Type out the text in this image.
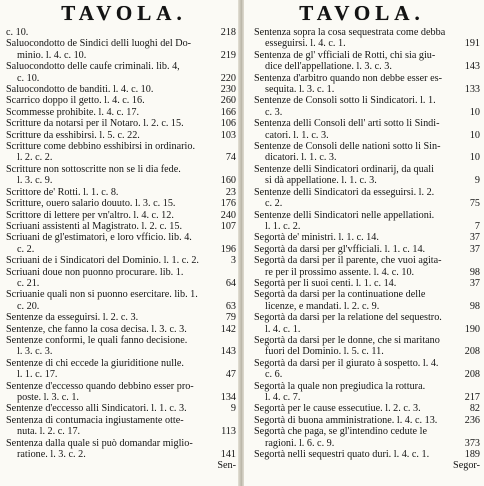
TAVOLA.
c. 10.	218
Saluocondotto de Sindici delli luoghi del Do-
minio. l. 4. c. 10.	219
Saluocondotto delle caufe criminali. lib. 4,
c. 10.	220
Saluocondotto de banditi. l. 4. c. 10.	230
Scarrico doppo il getto. l. 4. c. 16.	260
Scommesse prohibite. l. 4. c. 17.	166
Scritture da notarsi per il Notaro. l. 2. c. 15.	106
Scritture da esshibirsi. l. 5. c. 22.	103
Scritture come debbino esshibirsi in ordinario.
l. 2. c. 2.	74
Scritture non sottoscritte non se li dia fede.
l. 3. c. 9.	160
Scrittore de' Rotti. l. 1. c. 8.	23
Scritture, ouero salario douuto. l. 3. c. 15.	176
Scrittore di lettere per vn'altro. l. 4. c. 12.	240
Scriuani assistenti al Magistrato. l. 2. c. 15.	107
Scriuani de gl'estimatori, e loro vfficio. lib. 4.
c. 2.	196
Scriuani de i Sindicatori del Dominio. l. 1. c. 2.	3
Scriuani doue non puonno procurare. lib. 1.
c. 21.	64
Scriuanie quali non si puonno esercitare. lib. 1.
c. 20.	63
Sentenze da esseguirsi. l. 2. c. 3.	79
Sentenze, che fanno la cosa decisa. l. 3. c. 3.	142
Sentenze conformi, le quali fanno decisione.
l. 3. c. 3.	143
Sentenze di chi eccede la giuriditione nulle.
l. 1. c. 17.	47
Sentenze d'eccesso quando debbino esser pro-
poste. l. 3. c. 1.	134
Sentenze d'eccesso alli Sindicatori. l. 1. c. 3.	9
Sentenza di contumacia ingiustamente otte-
nuta. l. 2. c. 17.	113
Sentenza dalla quale si può domandar miglio-
ratione. l. 3. c. 2.	141
Sen-
TAVOLA.
Sentenza sopra la cosa sequestrata come debba
esseguirsi. l. 4. c. 1.	191
Sentenza de gl' vfficiali de Rotti, chi sia giu-
dice dell'appellatione. l. 3. c. 3.	143
Sentenza d'arbitro quando non debbe esser es-
sequita. l. 3. c. 1.	133
Sentenze de Consoli sotto li Sindicatori. l. 1.
c. 3.	10
Sentenza delli Consoli dell' arti sotto li Sindi-
catori. l. 1. c. 3.	10
Sentenze de Consoli delle nationi sotto li Sin-
dicatori. l. 1. c. 3.	10
Sentenze delli Sindicatori ordinarij, da quali
si dà appellatione. l. 1. c. 3.	9
Sentenze delli Sindicatori da esseguirsi. l. 2.
c. 2.	75
Sentenze delli Sindicatori nelle appellationi.
l. 1. c. 2.	7
Segortà de' ministri. l. 1. c. 14.	37
Segortà da darsi per gl'vfficiali. l. 1. c. 14.	37
Segortà da darsi per il parente, che vuoi agita-
re per il prossimo assente. l. 4. c. 10.	98
Segortà per li suoi centi. l. 1. c. 14.	37
Segortà da darsi per la continuatione delle
licenze, e mandati. l. 2. c. 9.	98
Segortà da darsi per la relatione del sequestro.
l. 4. c. 1.	190
Segortà da darsi per le donne, che si maritano
fuori del Dominio. l. 5. c. 11.	208
Segortà da darsi per il giurato à sospetto. l. 4.
c. 6.	208
Segortà la quale non pregiudica la rottura.
l. 4. c. 7.	217
Segortà per le cause essecutiue. l. 2. c. 3.	82
Segortà di buona amministratione. l. 4. c. 13.	236
Segortà che paga, se gl'intendino cedute le
ragioni. l. 6. c. 9.	373
Segortà nelli sequestri quato duri. l. 4. c. 1.	189
Segor-
